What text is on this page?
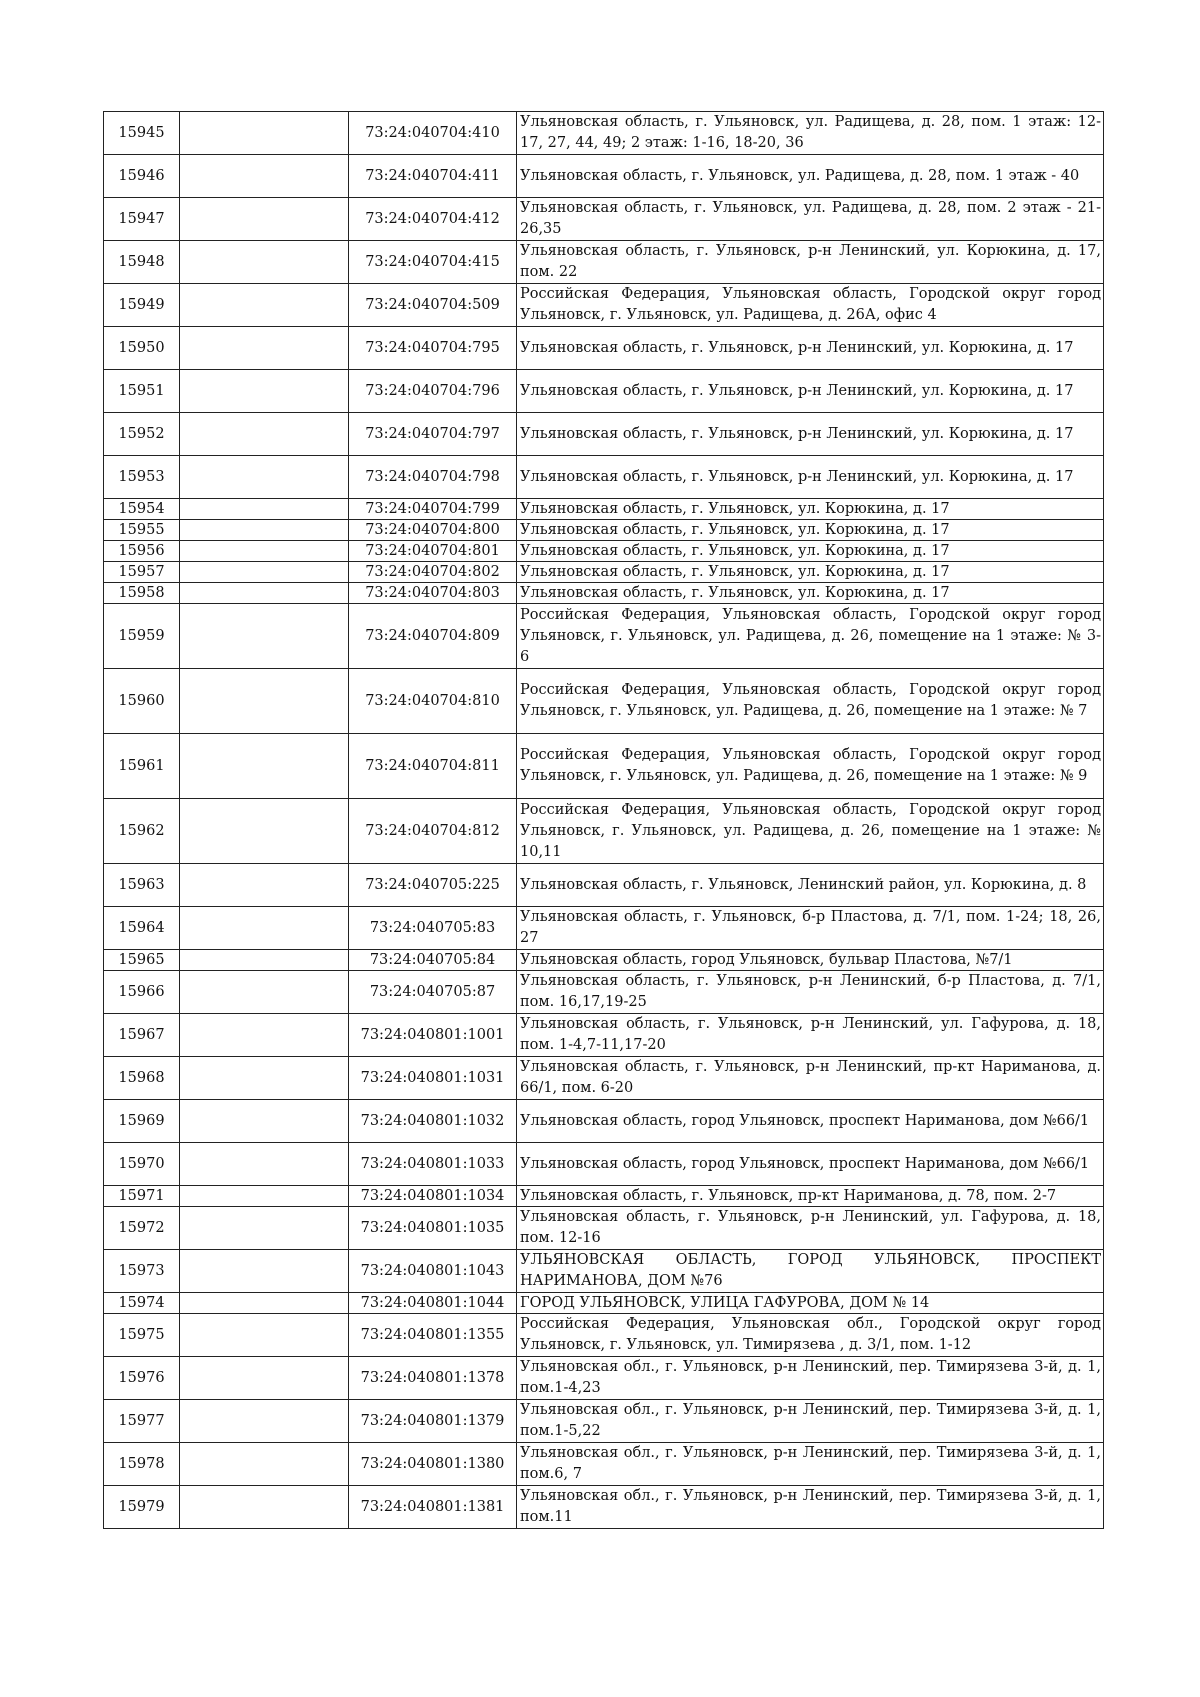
15945		73:24:040704:410	Ульяновская область, г. Ульяновск, ул. Радищева, д. 28, пом. 1 этаж: 12-17, 27, 44, 49; 2 этаж: 1-16, 18-20, 36
15946		73:24:040704:411	Ульяновская область, г. Ульяновск, ул. Радищева, д. 28, пом. 1 этаж - 40
15947		73:24:040704:412	Ульяновская область, г. Ульяновск, ул. Радищева, д. 28, пом. 2 этаж - 21-26,35
15948		73:24:040704:415	Ульяновская область, г. Ульяновск, р-н Ленинский, ул. Корюкина, д. 17, пом. 22
15949		73:24:040704:509	Российская Федерация, Ульяновская область, Городской округ город Ульяновск, г. Ульяновск, ул. Радищева, д. 26А, офис 4
15950		73:24:040704:795	Ульяновская область, г. Ульяновск, р-н Ленинский, ул. Корюкина, д. 17
15951		73:24:040704:796	Ульяновская область, г. Ульяновск, р-н Ленинский, ул. Корюкина, д. 17
15952		73:24:040704:797	Ульяновская область, г. Ульяновск, р-н Ленинский, ул. Корюкина, д. 17
15953		73:24:040704:798	Ульяновская область, г. Ульяновск, р-н Ленинский, ул. Корюкина, д. 17
15954		73:24:040704:799	Ульяновская область, г. Ульяновск, ул. Корюкина, д. 17
15955		73:24:040704:800	Ульяновская область, г. Ульяновск, ул. Корюкина, д. 17
15956		73:24:040704:801	Ульяновская область, г. Ульяновск, ул. Корюкина, д. 17
15957		73:24:040704:802	Ульяновская область, г. Ульяновск, ул. Корюкина, д. 17
15958		73:24:040704:803	Ульяновская область, г. Ульяновск, ул. Корюкина, д. 17
15959		73:24:040704:809	Российская Федерация, Ульяновская область, Городской округ город Ульяновск, г. Ульяновск, ул. Радищева, д. 26, помещение на 1 этаже: № 3-6
15960		73:24:040704:810	Российская Федерация, Ульяновская область, Городской округ город Ульяновск, г. Ульяновск, ул. Радищева, д. 26, помещение на 1 этаже: № 7
15961		73:24:040704:811	Российская Федерация, Ульяновская область, Городской округ город Ульяновск, г. Ульяновск, ул. Радищева, д. 26, помещение на 1 этаже: № 9
15962		73:24:040704:812	Российская Федерация, Ульяновская область, Городской округ город Ульяновск, г. Ульяновск, ул. Радищева, д. 26, помещение на 1 этаже: № 10,11
15963		73:24:040705:225	Ульяновская область, г. Ульяновск, Ленинский район, ул. Корюкина, д. 8
15964		73:24:040705:83	Ульяновская область, г. Ульяновск, б-р Пластова, д. 7/1, пом. 1-24; 18, 26, 27
15965		73:24:040705:84	Ульяновская область, город Ульяновск, бульвар Пластова, №7/1
15966		73:24:040705:87	Ульяновская область, г. Ульяновск, р-н Ленинский, б-р Пластова, д. 7/1, пом. 16,17,19-25
15967		73:24:040801:1001	Ульяновская область, г. Ульяновск, р-н Ленинский, ул. Гафурова, д. 18, пом. 1-4,7-11,17-20
15968		73:24:040801:1031	Ульяновская область, г. Ульяновск, р-н Ленинский, пр-кт Нариманова, д. 66/1, пом. 6-20
15969		73:24:040801:1032	Ульяновская область, город Ульяновск, проспект Нариманова, дом №66/1
15970		73:24:040801:1033	Ульяновская область, город Ульяновск, проспект Нариманова, дом №66/1
15971		73:24:040801:1034	Ульяновская область, г. Ульяновск, пр-кт Нариманова, д. 78, пом. 2-7
15972		73:24:040801:1035	Ульяновская область, г. Ульяновск, р-н Ленинский, ул. Гафурова, д. 18, пом. 12-16
15973		73:24:040801:1043	УЛЬЯНОВСКАЯ ОБЛАСТЬ, ГОРОД УЛЬЯНОВСК, ПРОСПЕКТ НАРИМАНОВА, ДОМ №76
15974		73:24:040801:1044	ГОРОД УЛЬЯНОВСК, УЛИЦА ГАФУРОВА, ДОМ № 14
15975		73:24:040801:1355	Российская Федерация, Ульяновская обл., Городской округ город Ульяновск, г. Ульяновск, ул. Тимирязева , д. 3/1, пом. 1-12
15976		73:24:040801:1378	Ульяновская обл., г. Ульяновск, р-н Ленинский, пер. Тимирязева 3-й, д. 1, пом.1-4,23
15977		73:24:040801:1379	Ульяновская обл., г. Ульяновск, р-н Ленинский, пер. Тимирязева 3-й, д. 1, пом.1-5,22
15978		73:24:040801:1380	Ульяновская обл., г. Ульяновск, р-н Ленинский, пер. Тимирязева 3-й, д. 1, пом.6, 7
15979		73:24:040801:1381	Ульяновская обл., г. Ульяновск, р-н Ленинский, пер. Тимирязева 3-й, д. 1, пом.11
